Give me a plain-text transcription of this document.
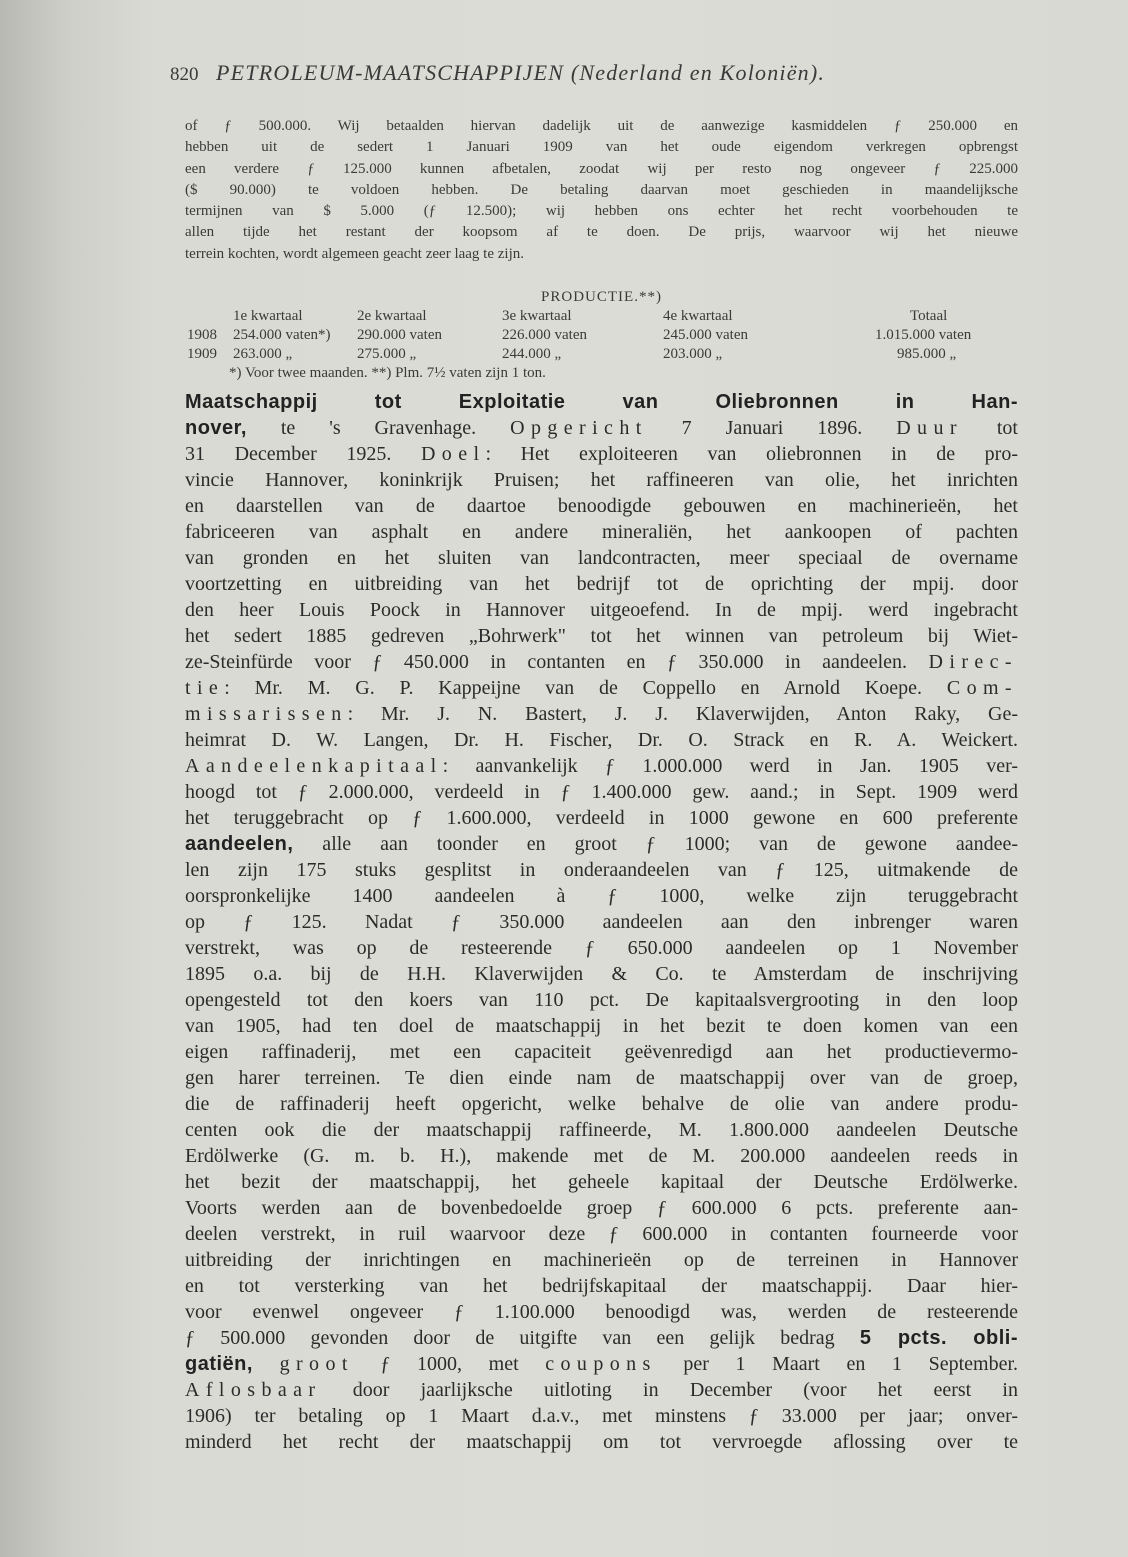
820 PETROLEUM-MAATSCHAPPIJEN (Nederland en Koloniën).
of ƒ 500.000. Wij betaalden hiervan dadelijk uit de aanwezige kasmiddelen ƒ 250.000 en
hebben uit de sedert 1 Januari 1909 van het oude eigendom verkregen opbrengst
een verdere ƒ 125.000 kunnen afbetalen, zoodat wij per resto nog ongeveer ƒ 225.000
($ 90.000) te voldoen hebben. De betaling daarvan moet geschieden in maandelijksche
termijnen van $ 5.000 (ƒ 12.500); wij hebben ons echter het recht voorbehouden te
allen tijde het restant der koopsom af te doen. De prijs, waarvoor wij het nieuwe
terrein kochten, wordt algemeen geacht zeer laag te zijn.
PRODUCTIE.**)
1e kwartaal	2e kwartaal	3e kwartaal	4e kwartaal	Totaal
1908 254.000 vaten*) 290.000 vaten	226.000 vaten	245.000 vaten	1.015.000 vaten
1909 263.000 „	275.000 „	244.000 „	203.000 „	985.000 „
*) Voor twee maanden. **) Plm. 7½ vaten zijn 1 ton.
Maatschappij tot Exploitatie van Oliebronnen in Han-
nover, te 's Gravenhage. Opgericht 7 Januari 1896. Duur tot
31 December 1925. Doel: Het exploiteeren van oliebronnen in de pro-
vincie Hannover, koninkrijk Pruisen; het raffineeren van olie, het inrichten
en daarstellen van de daartoe benoodigde gebouwen en machinerieën, het
fabriceeren van asphalt en andere mineraliën, het aankoopen of pachten
van gronden en het sluiten van landcontracten, meer speciaal de overname
voortzetting en uitbreiding van het bedrijf tot de oprichting der mpij. door
den heer Louis Poock in Hannover uitgeoefend. In de mpij. werd ingebracht
het sedert 1885 gedreven „Bohrwerk" tot het winnen van petroleum bij Wiet-
ze-Steinfürde voor ƒ 450.000 in contanten en ƒ 350.000 in aandeelen. Direc-
tie: Mr. M. G. P. Kappeijne van de Coppello en Arnold Koepe. Com-
missarissen: Mr. J. N. Bastert, J. J. Klaverwijden, Anton Raky, Ge-
heimrat D. W. Langen, Dr. H. Fischer, Dr. O. Strack en R. A. Weickert.
Aandeelenkapitaal: aanvankelijk ƒ 1.000.000 werd in Jan. 1905 ver-
hoogd tot ƒ 2.000.000, verdeeld in ƒ 1.400.000 gew. aand.; in Sept. 1909 werd
het teruggebracht op ƒ 1.600.000, verdeeld in 1000 gewone en 600 preferente
aandeelen, alle aan toonder en groot ƒ 1000; van de gewone aandee-
len zijn 175 stuks gesplitst in onderaandeelen van ƒ 125, uitmakende de
oorspronkelijke 1400 aandeelen à ƒ 1000, welke zijn teruggebracht
op ƒ 125. Nadat ƒ 350.000 aandeelen aan den inbrenger waren
verstrekt, was op de resteerende ƒ 650.000 aandeelen op 1 November
1895 o.a. bij de H.H. Klaverwijden & Co. te Amsterdam de inschrijving
opengesteld tot den koers van 110 pct. De kapitaalsvergrooting in den loop
van 1905, had ten doel de maatschappij in het bezit te doen komen van een
eigen raffinaderij, met een capaciteit geëvenredigd aan het productievermo-
gen harer terreinen. Te dien einde nam de maatschappij over van de groep,
die de raffinaderij heeft opgericht, welke behalve de olie van andere produ-
centen ook die der maatschappij raffineerde, M. 1.800.000 aandeelen Deutsche
Erdölwerke (G. m. b. H.), makende met de M. 200.000 aandeelen reeds in
het bezit der maatschappij, het geheele kapitaal der Deutsche Erdölwerke.
Voorts werden aan de bovenbedoelde groep ƒ 600.000 6 pcts. preferente aan-
deelen verstrekt, in ruil waarvoor deze ƒ 600.000 in contanten fourneerde voor
uitbreiding der inrichtingen en machinerieën op de terreinen in Hannover
en tot versterking van het bedrijfskapitaal der maatschappij. Daar hier-
voor evenwel ongeveer ƒ 1.100.000 benoodigd was, werden de resteerende
ƒ 500.000 gevonden door de uitgifte van een gelijk bedrag 5 pcts. obli-
gatiën, groot ƒ 1000, met coupons per 1 Maart en 1 September.
Aflosbaar door jaarlijksche uitloting in December (voor het eerst in
1906) ter betaling op 1 Maart d.a.v., met minstens ƒ 33.000 per jaar; onver-
minderd het recht der maatschappij om tot vervroegde aflossing over te
